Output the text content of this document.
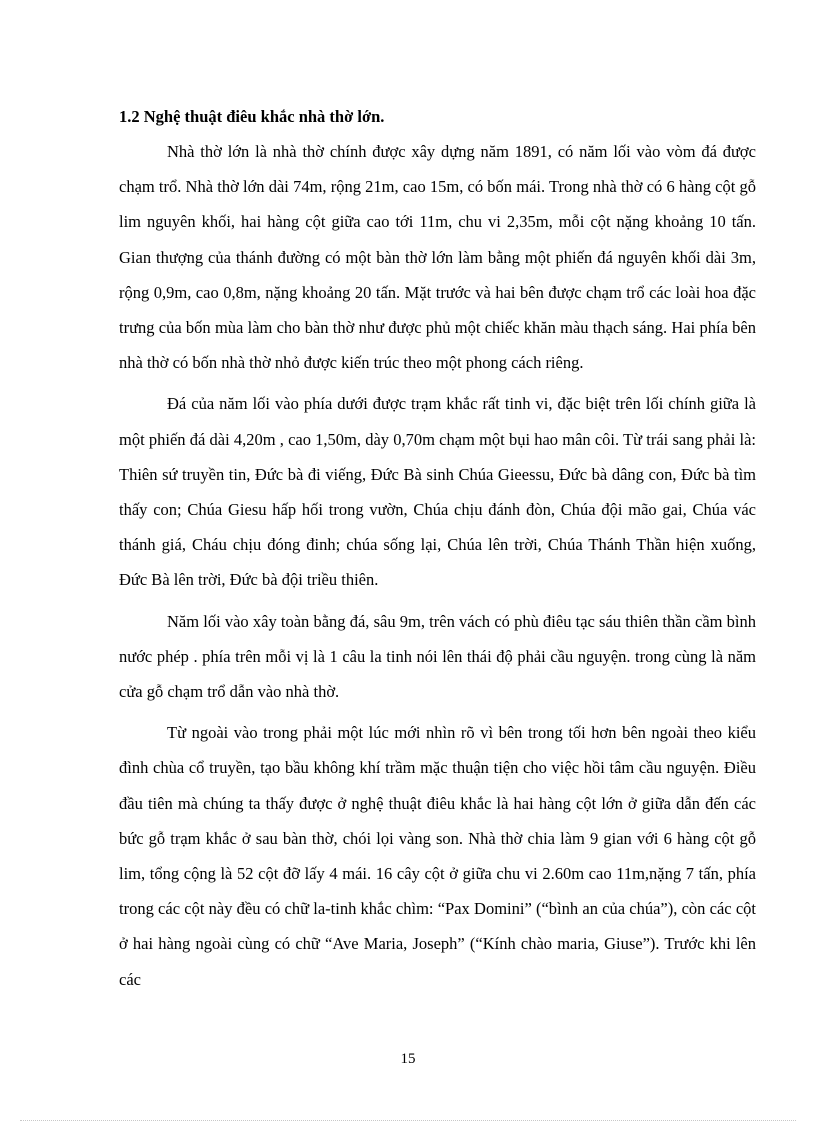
1.2 Nghệ thuật điêu khắc nhà thờ lớn.

Nhà thờ lớn là nhà thờ chính được xây dựng năm 1891, có năm lối vào vòm đá được chạm trổ. Nhà thờ lớn dài 74m, rộng 21m, cao 15m, có bốn mái. Trong nhà thờ có 6 hàng cột gỗ lim nguyên khối, hai hàng cột giữa cao tới 11m, chu vi 2,35m, mỗi cột nặng khoảng 10 tấn. Gian thượng của thánh đường có một bàn thờ lớn làm bằng một phiến đá nguyên khối dài 3m, rộng 0,9m, cao 0,8m, nặng khoảng 20 tấn. Mặt trước và hai bên được chạm trổ các loài hoa đặc trưng của bốn mùa làm cho bàn thờ như được phủ một chiếc khăn màu thạch sáng. Hai phía bên nhà thờ có bốn nhà thờ nhỏ được kiến trúc theo một phong cách riêng.

Đá của năm lối vào phía dưới được trạm khắc rất tinh vi, đặc biệt trên lối chính giữa là một phiến đá dài 4,20m , cao 1,50m, dày 0,70m chạm một bụi hao mân côi. Từ trái sang phải là: Thiên sứ truyền tin, Đức bà đi viếng, Đức Bà sinh Chúa Gieessu, Đức bà dâng con, Đức bà tìm thấy con; Chúa Giesu hấp hối trong vườn, Chúa chịu đánh đòn, Chúa đội mão gai, Chúa vác thánh giá, Cháu chịu đóng đinh; chúa sống lại, Chúa lên trời, Chúa Thánh Thần hiện xuống, Đức Bà lên trời, Đức bà đội triều thiên.

Năm lối vào xây toàn bằng đá, sâu 9m, trên vách có phù điêu tạc sáu thiên thần cầm bình nước phép . phía trên mỗi vị là 1 câu la tinh nói lên thái độ phải cầu nguyện. trong cùng là năm cửa gỗ chạm trổ dẫn vào nhà thờ.

Từ ngoài vào trong phải một lúc mới nhìn rõ vì bên trong tối hơn bên ngoài theo kiểu đình chùa cổ truyền, tạo bầu không khí trầm mặc thuận tiện cho việc hồi tâm cầu nguyện. Điều đầu tiên mà chúng ta thấy được ở nghệ thuật điêu khắc là hai hàng cột lớn ở giữa dẫn đến các bức gỗ trạm khắc ở sau bàn thờ, chói lọi vàng son. Nhà thờ chia làm 9 gian với 6 hàng cột gỗ lim, tổng cộng là 52 cột đỡ lấy 4 mái. 16 cây cột ở giữa chu vi 2.60m cao 11m,nặng 7 tấn, phía trong các cột này đều có chữ la-tinh khắc chìm: “Pax Domini” (“bình an của chúa”), còn các cột ở hai hàng ngoài cùng có chữ “Ave Maria, Joseph” (“Kính chào maria, Giuse”). Trước khi lên các

15
